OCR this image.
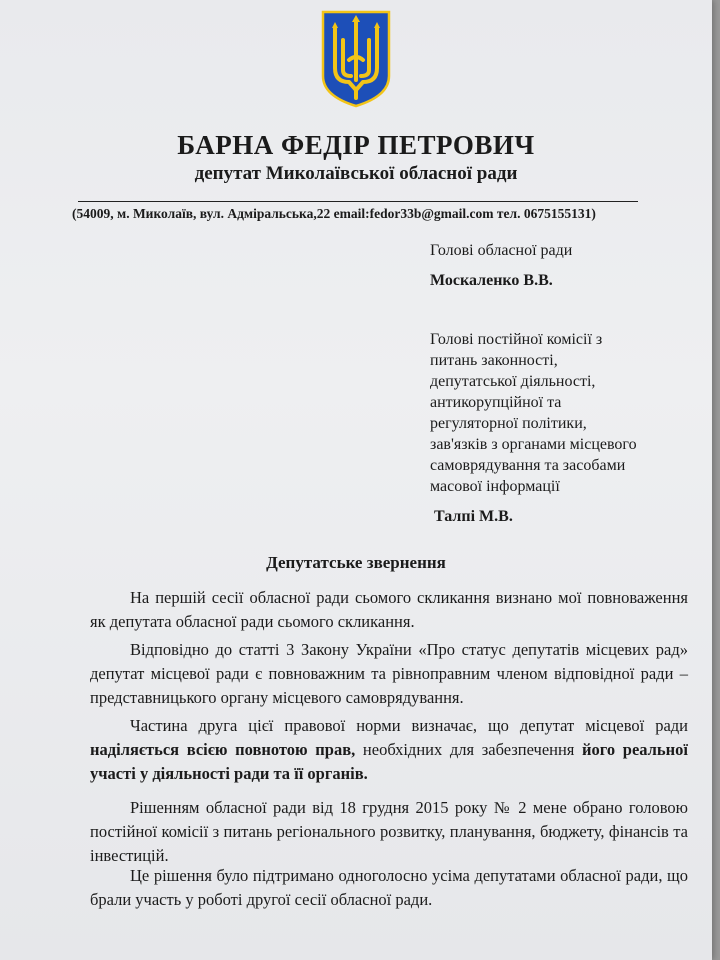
БАРНА ФЕДІР ПЕТРОВИЧ
депутат Миколаївської обласної ради
(54009, м. Миколаїв, вул. Адміральська,22 email:fedor33b@gmail.com тел. 0675155131)
Голові обласної ради
Москаленко В.В.
Голові постійної комісії з
питань законності,
депутатської діяльності,
антикорупційної та
регуляторної політики,
зав'язків з органами місцевого
самоврядування та засобами
масової інформації
Талпі М.В.
Депутатське звернення
На першій сесії обласної ради сьомого скликання визнано мої повноваження як депутата обласної ради сьомого скликання.
Відповідно до статті 3 Закону України «Про статус депутатів місцевих рад» депутат місцевої ради є повноважним та рівноправним членом відповідної ради – представницького органу місцевого самоврядування.
Частина друга цієї правової норми визначає, що депутат місцевої ради наділяється всією повнотою прав, необхідних для забезпечення його реальної участі у діяльності ради та її органів.
Рішенням обласної ради від 18 грудня 2015 року № 2 мене обрано головою постійної комісії з питань регіонального розвитку, планування, бюджету, фінансів та інвестицій.
Це рішення було підтримано одноголосно усіма депутатами обласної ради, що брали участь у роботі другої сесії обласної ради.
